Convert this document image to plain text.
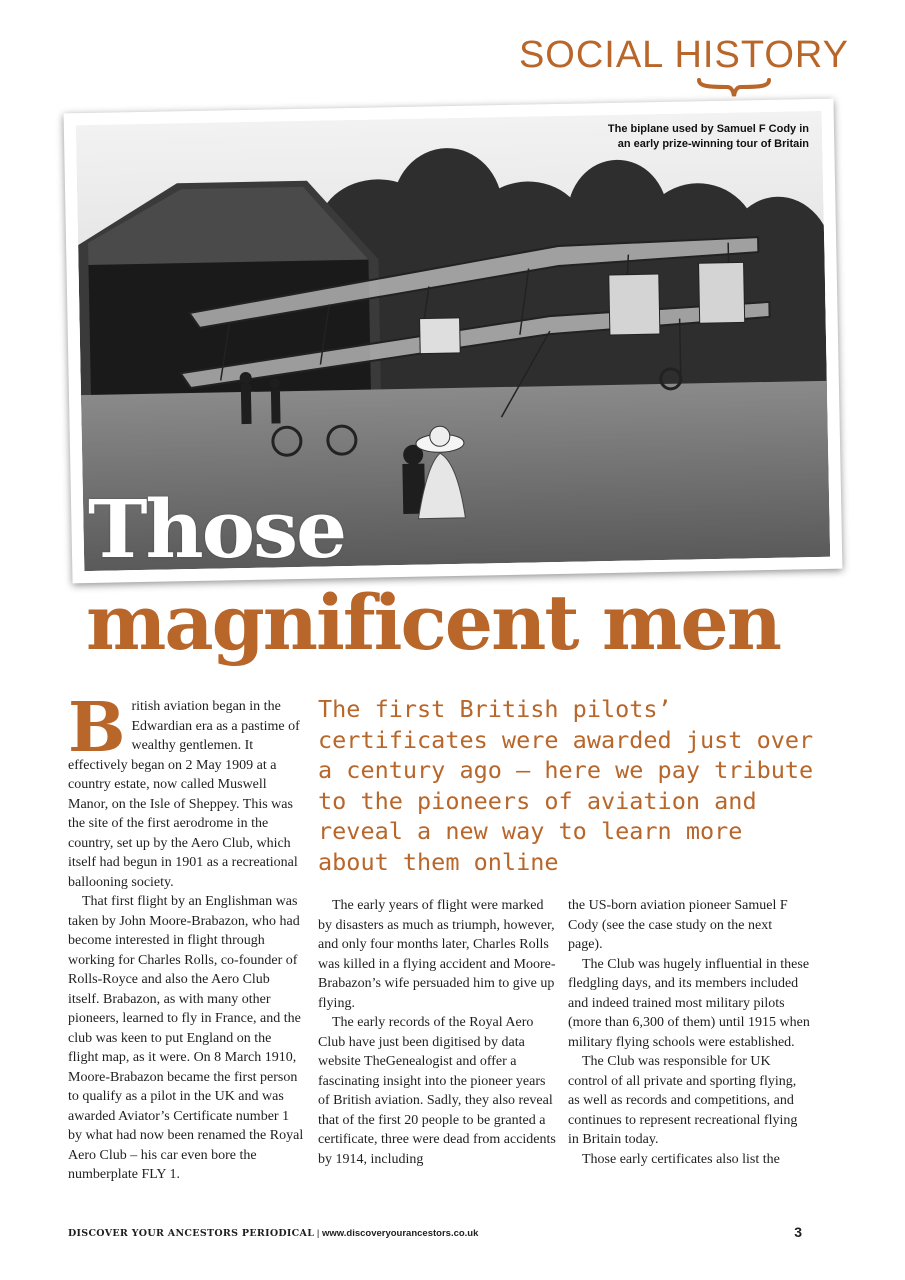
SOCIAL HISTORY
The biplane used by Samuel F Cody in
an early prize-winning tour of Britain
Those
magnificent men
The first British pilots’ certificates were awarded just over a century ago – here we pay tribute to the pioneers of aviation and reveal a new way to learn more about them online

British aviation began in the Edwardian era as a pastime of wealthy gentlemen. It effectively began on 2 May 1909 at a country estate, now called Muswell Manor, on the Isle of Sheppey. This was the site of the first aerodrome in the country, set up by the Aero Club, which itself had begun in 1901 as a recreational ballooning society.

That first flight by an Englishman was taken by John Moore-Brabazon, who had become interested in flight through working for Charles Rolls, co-founder of Rolls-Royce and also the Aero Club itself. Brabazon, as with many other pioneers, learned to fly in France, and the club was keen to put England on the flight map, as it were. On 8 March 1910, Moore-Brabazon became the first person to qualify as a pilot in the UK and was awarded Aviator’s Certificate number 1 by what had now been renamed the Royal Aero Club – his car even bore the numberplate FLY 1.

The early years of flight were marked by disasters as much as triumph, however, and only four months later, Charles Rolls was killed in a flying accident and Moore-Brabazon’s wife persuaded him to give up flying.

The early records of the Royal Aero Club have just been digitised by data website TheGenealogist and offer a fascinating insight into the pioneer years of British aviation. Sadly, they also reveal that of the first 20 people to be granted a certificate, three were dead from accidents by 1914, including

the US-born aviation pioneer Samuel F Cody (see the case study on the next page).

The Club was hugely influential in these fledgling days, and its members included and indeed trained most military pilots (more than 6,300 of them) until 1915 when military flying schools were established.

The Club was responsible for UK control of all private and sporting flying, as well as records and competitions, and continues to represent recreational flying in Britain today.

Those early certificates also list the

DISCOVER YOUR ANCESTORS PERIODICAL | www.discoveryourancestors.co.uk	3
